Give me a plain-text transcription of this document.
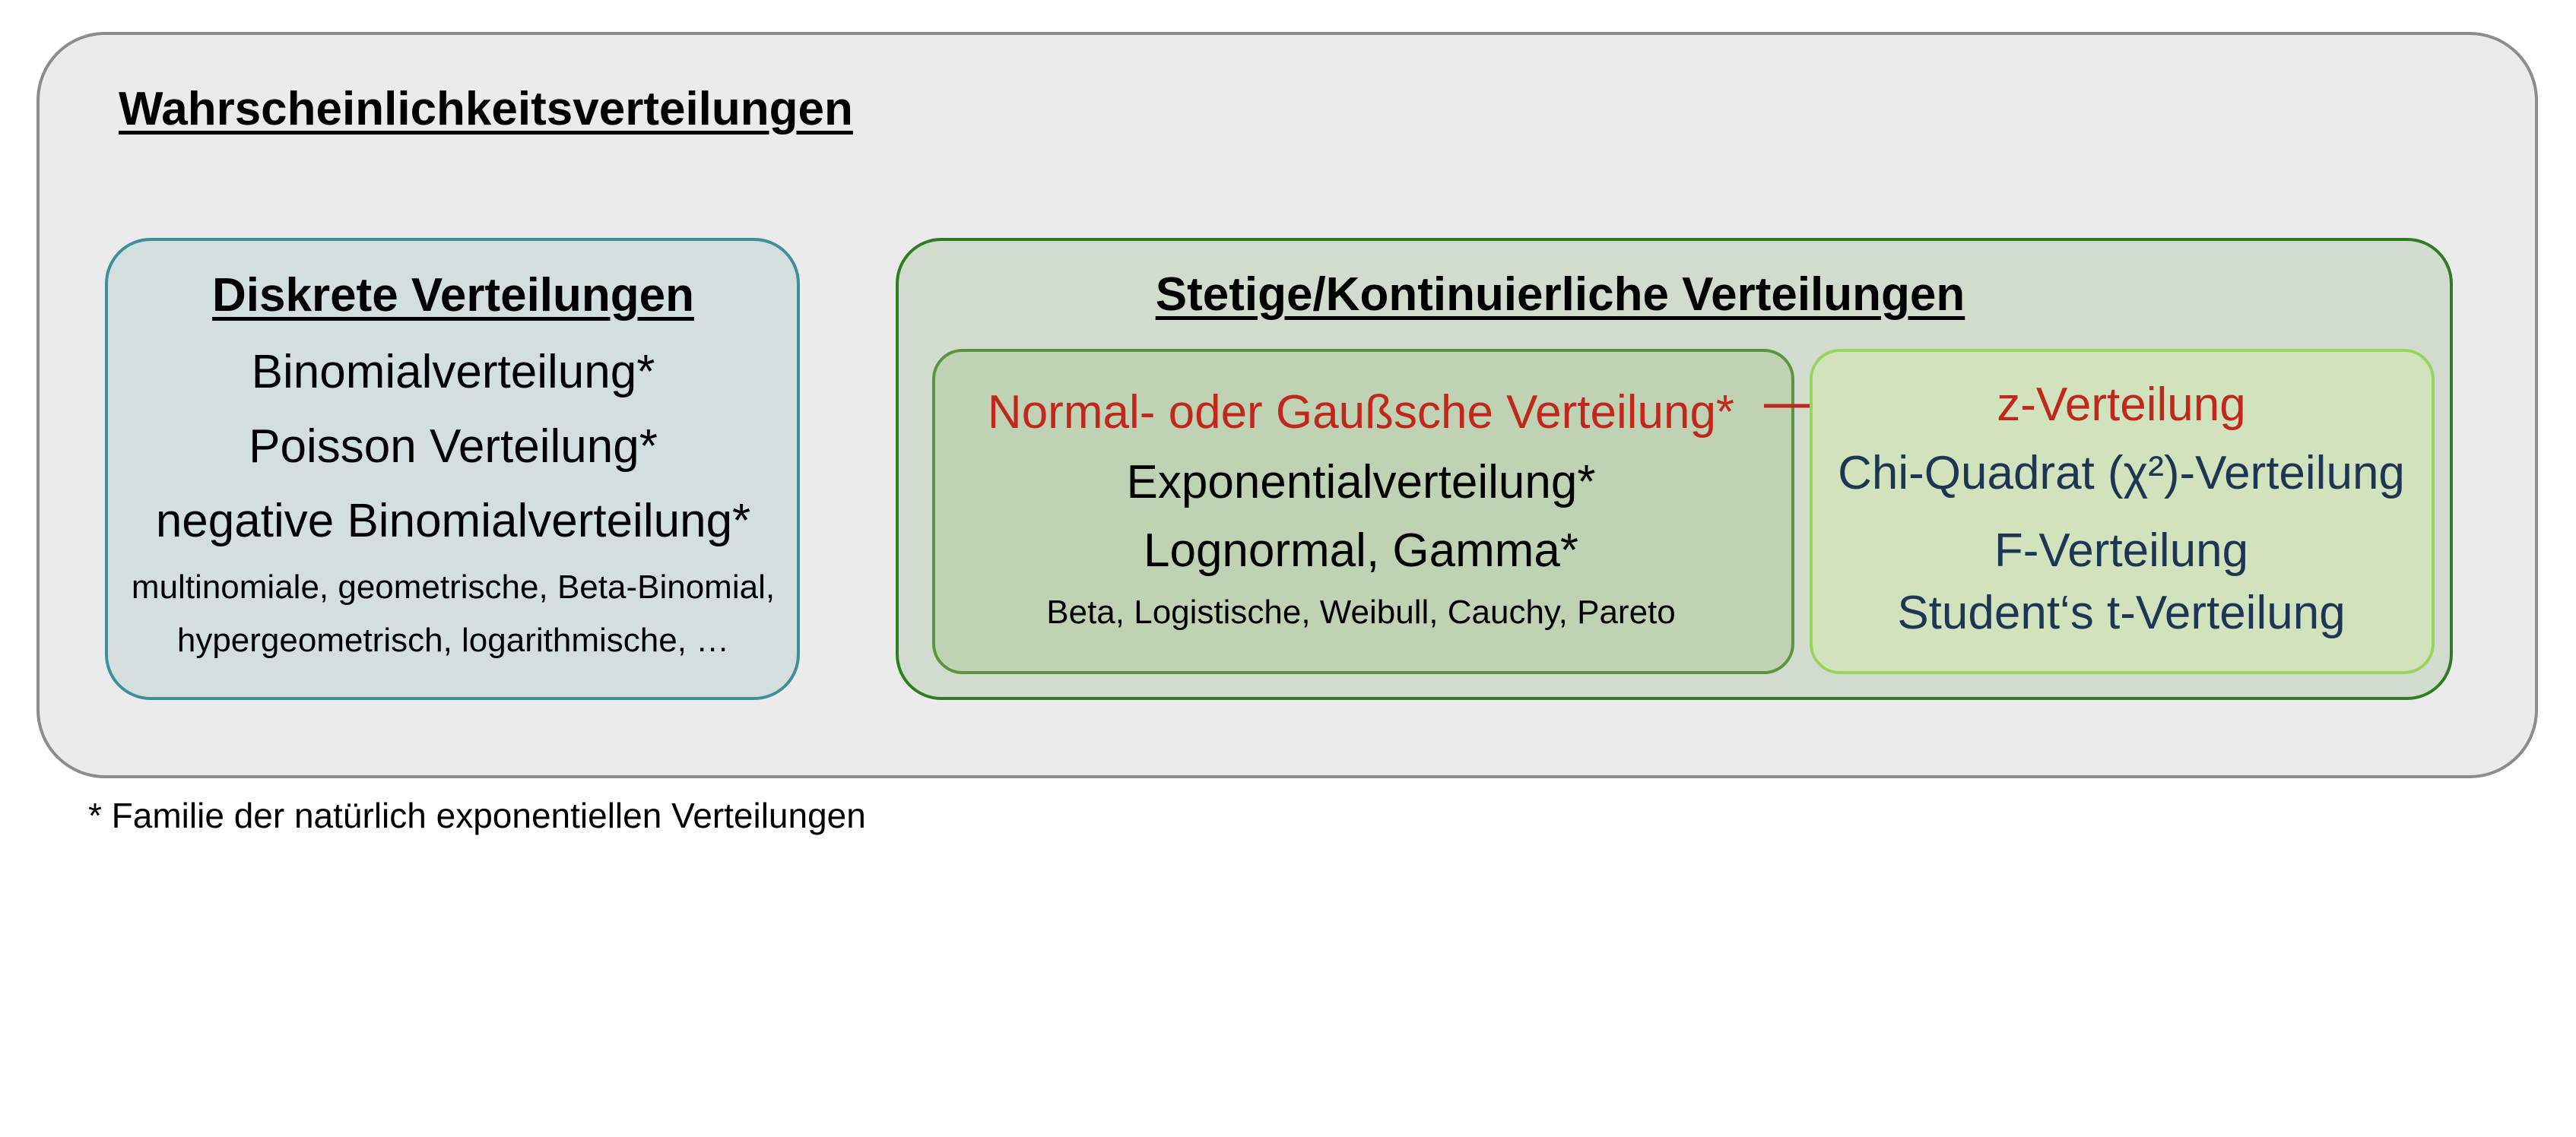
Wahrscheinlichkeitsverteilungen
Diskrete Verteilungen
Binomialverteilung*
Poisson Verteilung*
negative Binomialverteilung*
multinomiale, geometrische, Beta-Binomial,
hypergeometrisch, logarithmische, …
Stetige/Kontinuierliche Verteilungen
Normal- oder Gaußsche Verteilung*
Exponentialverteilung*
Lognormal, Gamma*
Beta, Logistische, Weibull, Cauchy, Pareto
z-Verteilung
Chi-Quadrat (χ²)-Verteilung
F-Verteilung
Student‘s t-Verteilung
* Familie der natürlich exponentiellen Verteilungen
